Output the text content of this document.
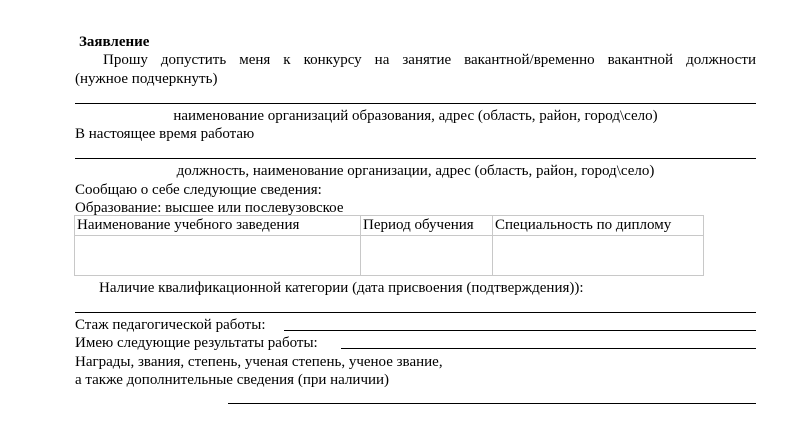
Заявление
Прошу допустить меня к конкурсу на занятие вакантной/временно вакантной должности
(нужное подчеркнуть)
наименование организаций образования, адрес (область, район, город\село)
В настоящее время работаю
должность, наименование организации, адрес (область, район, город\село)
Сообщаю о себе следующие сведения:
Образование: высшее или послевузовское
Наименование учебного заведения	Период обучения	Специальность по диплому

Наличие квалификационной категории (дата присвоения (подтверждения)):
Стаж педагогической работы:
Имею следующие результаты работы:
Награды, звания, степень, ученая степень, ученое звание,
а также дополнительные сведения (при наличии)
